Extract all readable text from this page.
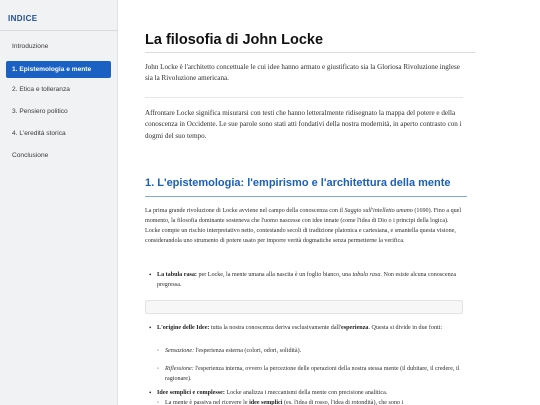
INDICE
Introduzione
1. Epistemologia e mente
2. Etica e tolleranza
3. Pensiero politico
4. L'eredità storica
Conclusione
La filosofia di John Locke

John Locke è l'architetto concettuale le cui idee hanno armato e giustificato sia la Gloriosa Rivoluzione inglese sia la Rivoluzione americana.

Affrontare Locke significa misurarsi con testi che hanno letteralmente ridisegnato la mappa del potere e della conoscenza in Occidente. Le sue parole sono stati atti fondativi della nostra modernità, in aperto contrasto con i dogmi del suo tempo.

1. L'epistemologia: l'empirismo e l'architettura della mente

La prima grande rivoluzione di Locke avviene nel campo della conoscenza con il Saggio sull'intelletto umano (1690). Fino a quel momento, la filosofia dominante sosteneva che l'uomo nascesse con idee innate (come l'idea di Dio o i principi della logica). Locke compie un rischio interpretativo netto, contestando secoli di tradizione platonica e cartesiana, e smantella questa visione, considerandola uno strumento di potere usato per imporre verità dogmatiche senza permetterne la verifica.

• La tabula rasa: per Locke, la mente umana alla nascita è un foglio bianco, una tabula rasa. Non esiste alcuna conoscenza pregressa.
• L'origine delle Idee: tutta la nostra conoscenza deriva esclusivamente dall'esperienza. Questa si divide in due fonti:
◦ Sensazione: l'esperienza esterna (colori, odori, solidità).
◦ Riflessione: l'esperienza interna, ovvero la percezione delle operazioni della nostra stessa mente (il dubitare, il credere, il ragionare).
• Idee semplici e complesse: Locke analizza i meccanismi della mente con precisione analitica.
◦ La mente è passiva nel ricevere le idee semplici (es. l'idea di rosso, l'idea di rotondità), che sono i
